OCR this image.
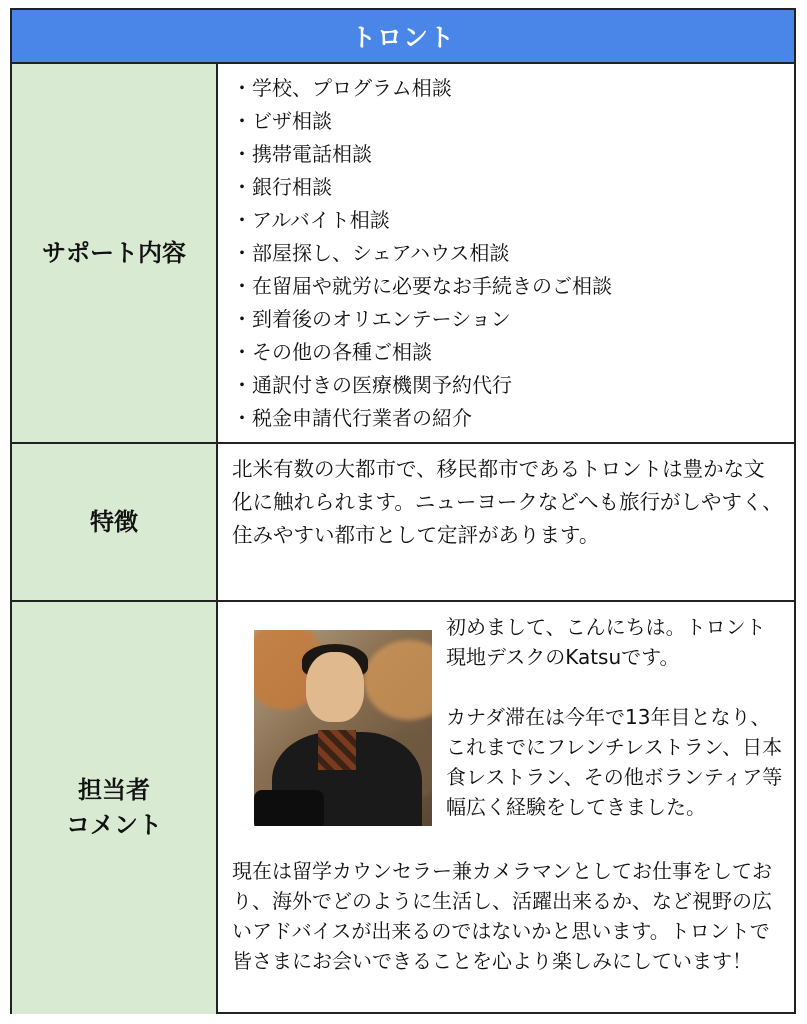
トロント
サポート内容
・ 学校、プログラム相談
・ ビザ相談
・ 携帯電話相談
・ 銀行相談
・ アルバイト相談
・ 部屋探し、シェアハウス相談
・ 在留届や就労に必要なお手続きのご相談
・ 到着後のオリエンテーション
・ その他の各種ご相談
・ 通訳付きの医療機関予約代行
・ 税金申請代行業者の紹介
特徴

北米有数の大都市で、移民都市であるトロントは豊かな文化に触れられます。ニューヨークなどへも旅行がしやすく、住みやすい都市として定評があります。

担当者
コメント

初めまして、こんにちは。トロント現地デスクのKatsuです。

カナダ滞在は今年で13年目となり、これまでにフレンチレストラン、日本食レストラン、その他ボランティア等幅広く経験をしてきました。

現在は留学カウンセラー兼カメラマンとしてお仕事をしており、海外でどのように生活し、活躍出来るか、など視野の広いアドバイスが出来るのではないかと思います。トロントで皆さまにお会いできることを心より楽しみにしています！
